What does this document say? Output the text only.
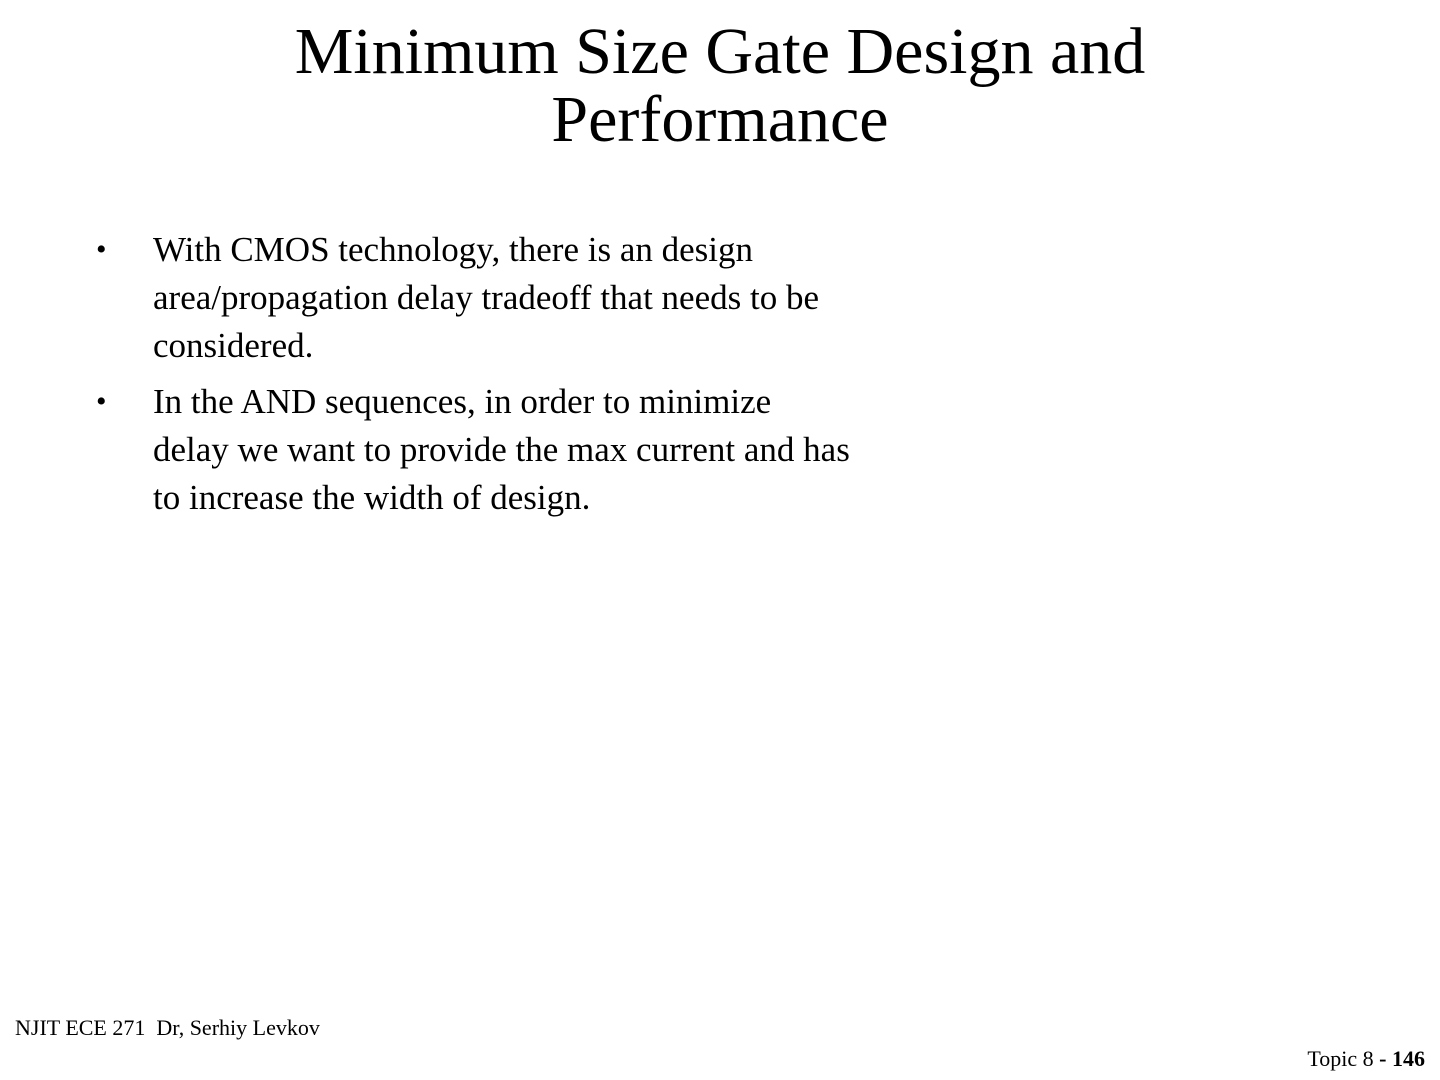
Minimum Size Gate Design and
Performance
• With CMOS technology, there is an design
area/propagation delay tradeoff that needs to be
considered.
• In the AND sequences, in order to minimize
delay we want to provide the max current and has
to increase the width of design.
NJIT ECE 271  Dr, Serhiy Levkov
Topic 8 - 146
